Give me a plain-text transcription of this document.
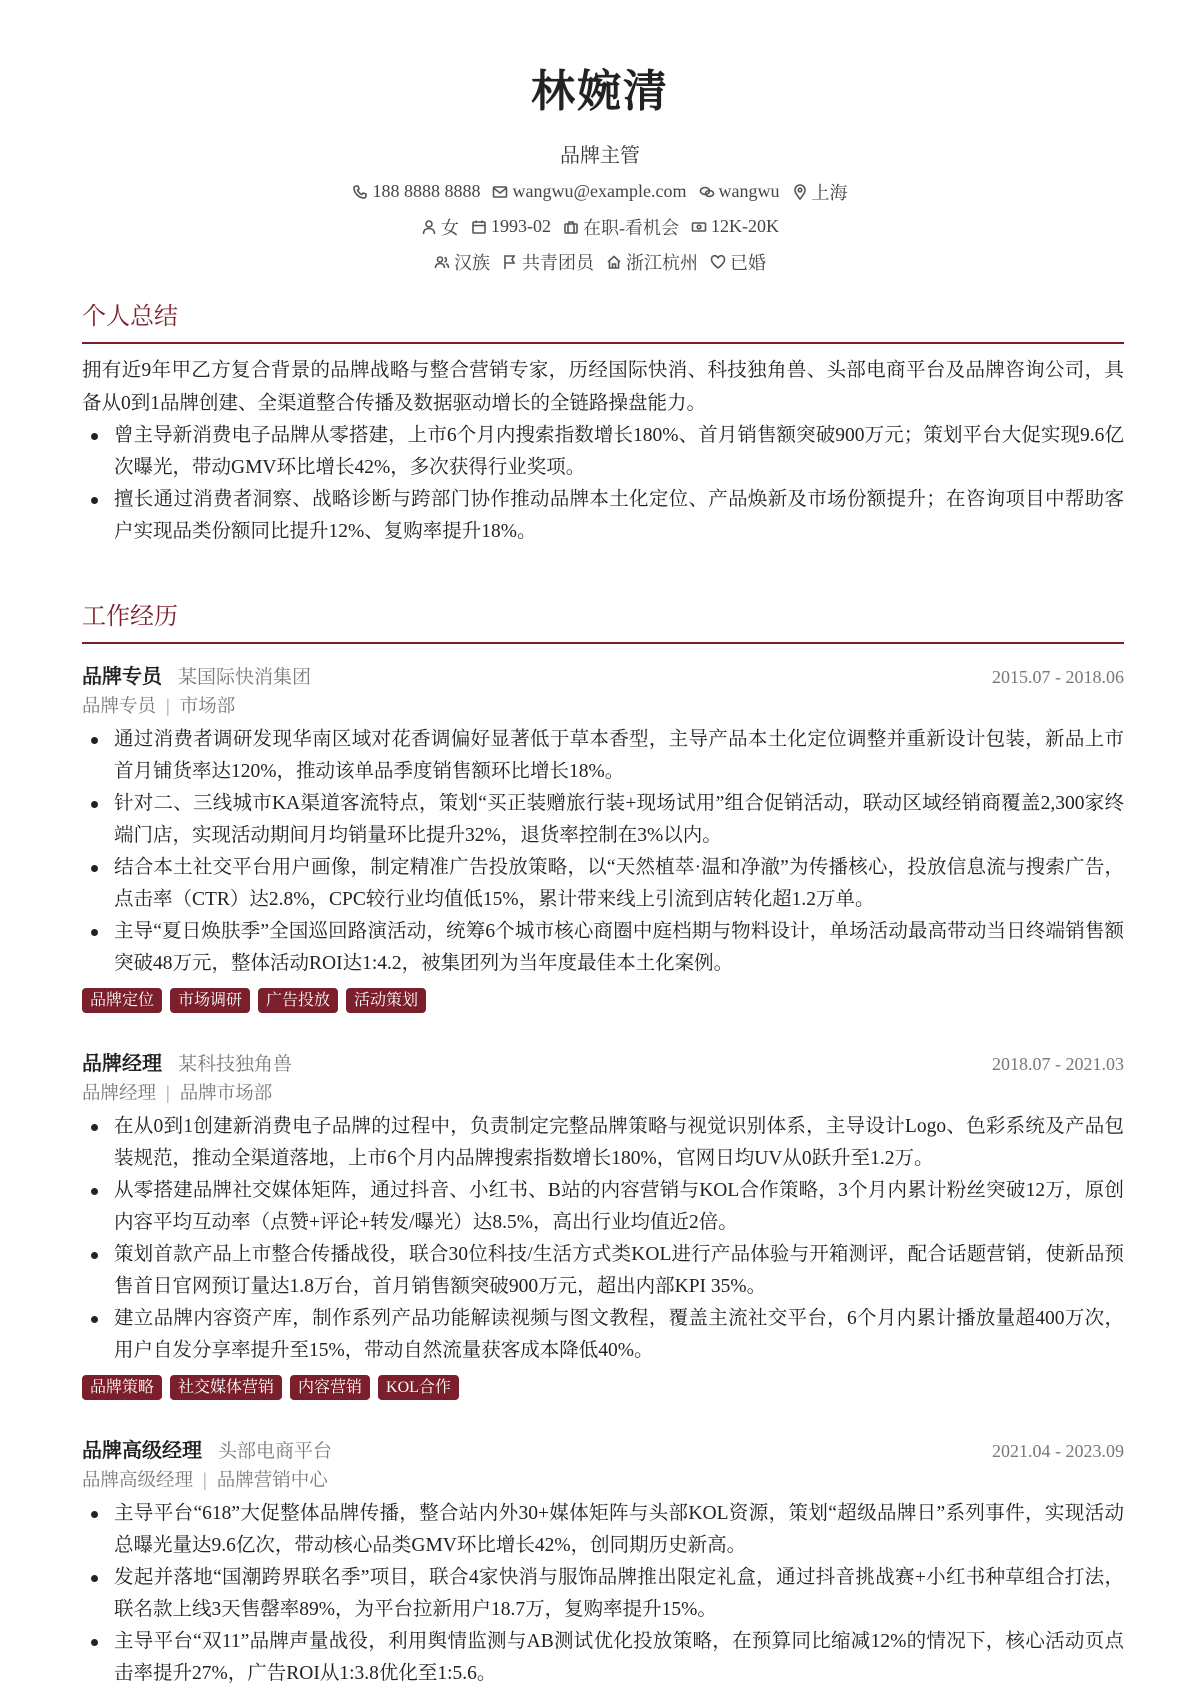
林婉清
品牌主管
188 8888 8888 wangwu@example.com wangwu 上海
女 1993-02 在职-看机会 12K-20K
汉族 共青团员 浙江杭州 已婚
个人总结
拥有近9年甲乙方复合背景的品牌战略与整合营销专家，历经国际快消、科技独角兽、头部电商平台及品牌咨询公司，具备从0到1品牌创建、全渠道整合传播及数据驱动增长的全链路操盘能力。
曾主导新消费电子品牌从零搭建，上市6个月内搜索指数增长180%、首月销售额突破900万元；策划平台大促实现9.6亿次曝光，带动GMV环比增长42%，多次获得行业奖项。
擅长通过消费者洞察、战略诊断与跨部门协作推动品牌本土化定位、产品焕新及市场份额提升；在咨询项目中帮助客户实现品类份额同比提升12%、复购率提升18%。
工作经历
品牌专员 某国际快消集团	2015.07 - 2018.06
品牌专员 | 市场部
通过消费者调研发现华南区域对花香调偏好显著低于草本香型，主导产品本土化定位调整并重新设计包装，新品上市首月铺货率达120%，推动该单品季度销售额环比增长18%。
针对二、三线城市KA渠道客流特点，策划“买正装赠旅行装+现场试用”组合促销活动，联动区域经销商覆盖2,300家终端门店，实现活动期间月均销量环比提升32%，退货率控制在3%以内。
结合本土社交平台用户画像，制定精准广告投放策略，以“天然植萃·温和净澈”为传播核心，投放信息流与搜索广告，点击率（CTR）达2.8%，CPC较行业均值低15%，累计带来线上引流到店转化超1.2万单。
主导“夏日焕肤季”全国巡回路演活动，统筹6个城市核心商圈中庭档期与物料设计，单场活动最高带动当日终端销售额突破48万元，整体活动ROI达1:4.2，被集团列为当年度最佳本土化案例。
品牌定位	市场调研	广告投放	活动策划
品牌经理 某科技独角兽	2018.07 - 2021.03
品牌经理 | 品牌市场部
在从0到1创建新消费电子品牌的过程中，负责制定完整品牌策略与视觉识别体系，主导设计Logo、色彩系统及产品包装规范，推动全渠道落地，上市6个月内品牌搜索指数增长180%，官网日均UV从0跃升至1.2万。
从零搭建品牌社交媒体矩阵，通过抖音、小红书、B站的内容营销与KOL合作策略，3个月内累计粉丝突破12万，原创内容平均互动率（点赞+评论+转发/曝光）达8.5%，高出行业均值近2倍。
策划首款产品上市整合传播战役，联合30位科技/生活方式类KOL进行产品体验与开箱测评，配合话题营销，使新品预售首日官网预订量达1.8万台，首月销售额突破900万元，超出内部KPI 35%。
建立品牌内容资产库，制作系列产品功能解读视频与图文教程，覆盖主流社交平台，6个月内累计播放量超400万次，用户自发分享率提升至15%，带动自然流量获客成本降低40%。
品牌策略	社交媒体营销	内容营销	KOL合作
品牌高级经理 头部电商平台	2021.04 - 2023.09
品牌高级经理 | 品牌营销中心
主导平台“618”大促整体品牌传播，整合站内外30+媒体矩阵与头部KOL资源，策划“超级品牌日”系列事件，实现活动总曝光量达9.6亿次，带动核心品类GMV环比增长42%，创同期历史新高。
发起并落地“国潮跨界联名季”项目，联合4家快消与服饰品牌推出限定礼盒，通过抖音挑战赛+小红书种草组合打法，联名款上线3天售罄率89%，为平台拉新用户18.7万，复购率提升15%。
主导平台“双11”品牌声量战役，利用舆情监测与AB测试优化投放策略，在预算同比缩减12%的情况下，核心活动页点击率提升27%，广告ROI从1:3.8优化至1:5.6。
